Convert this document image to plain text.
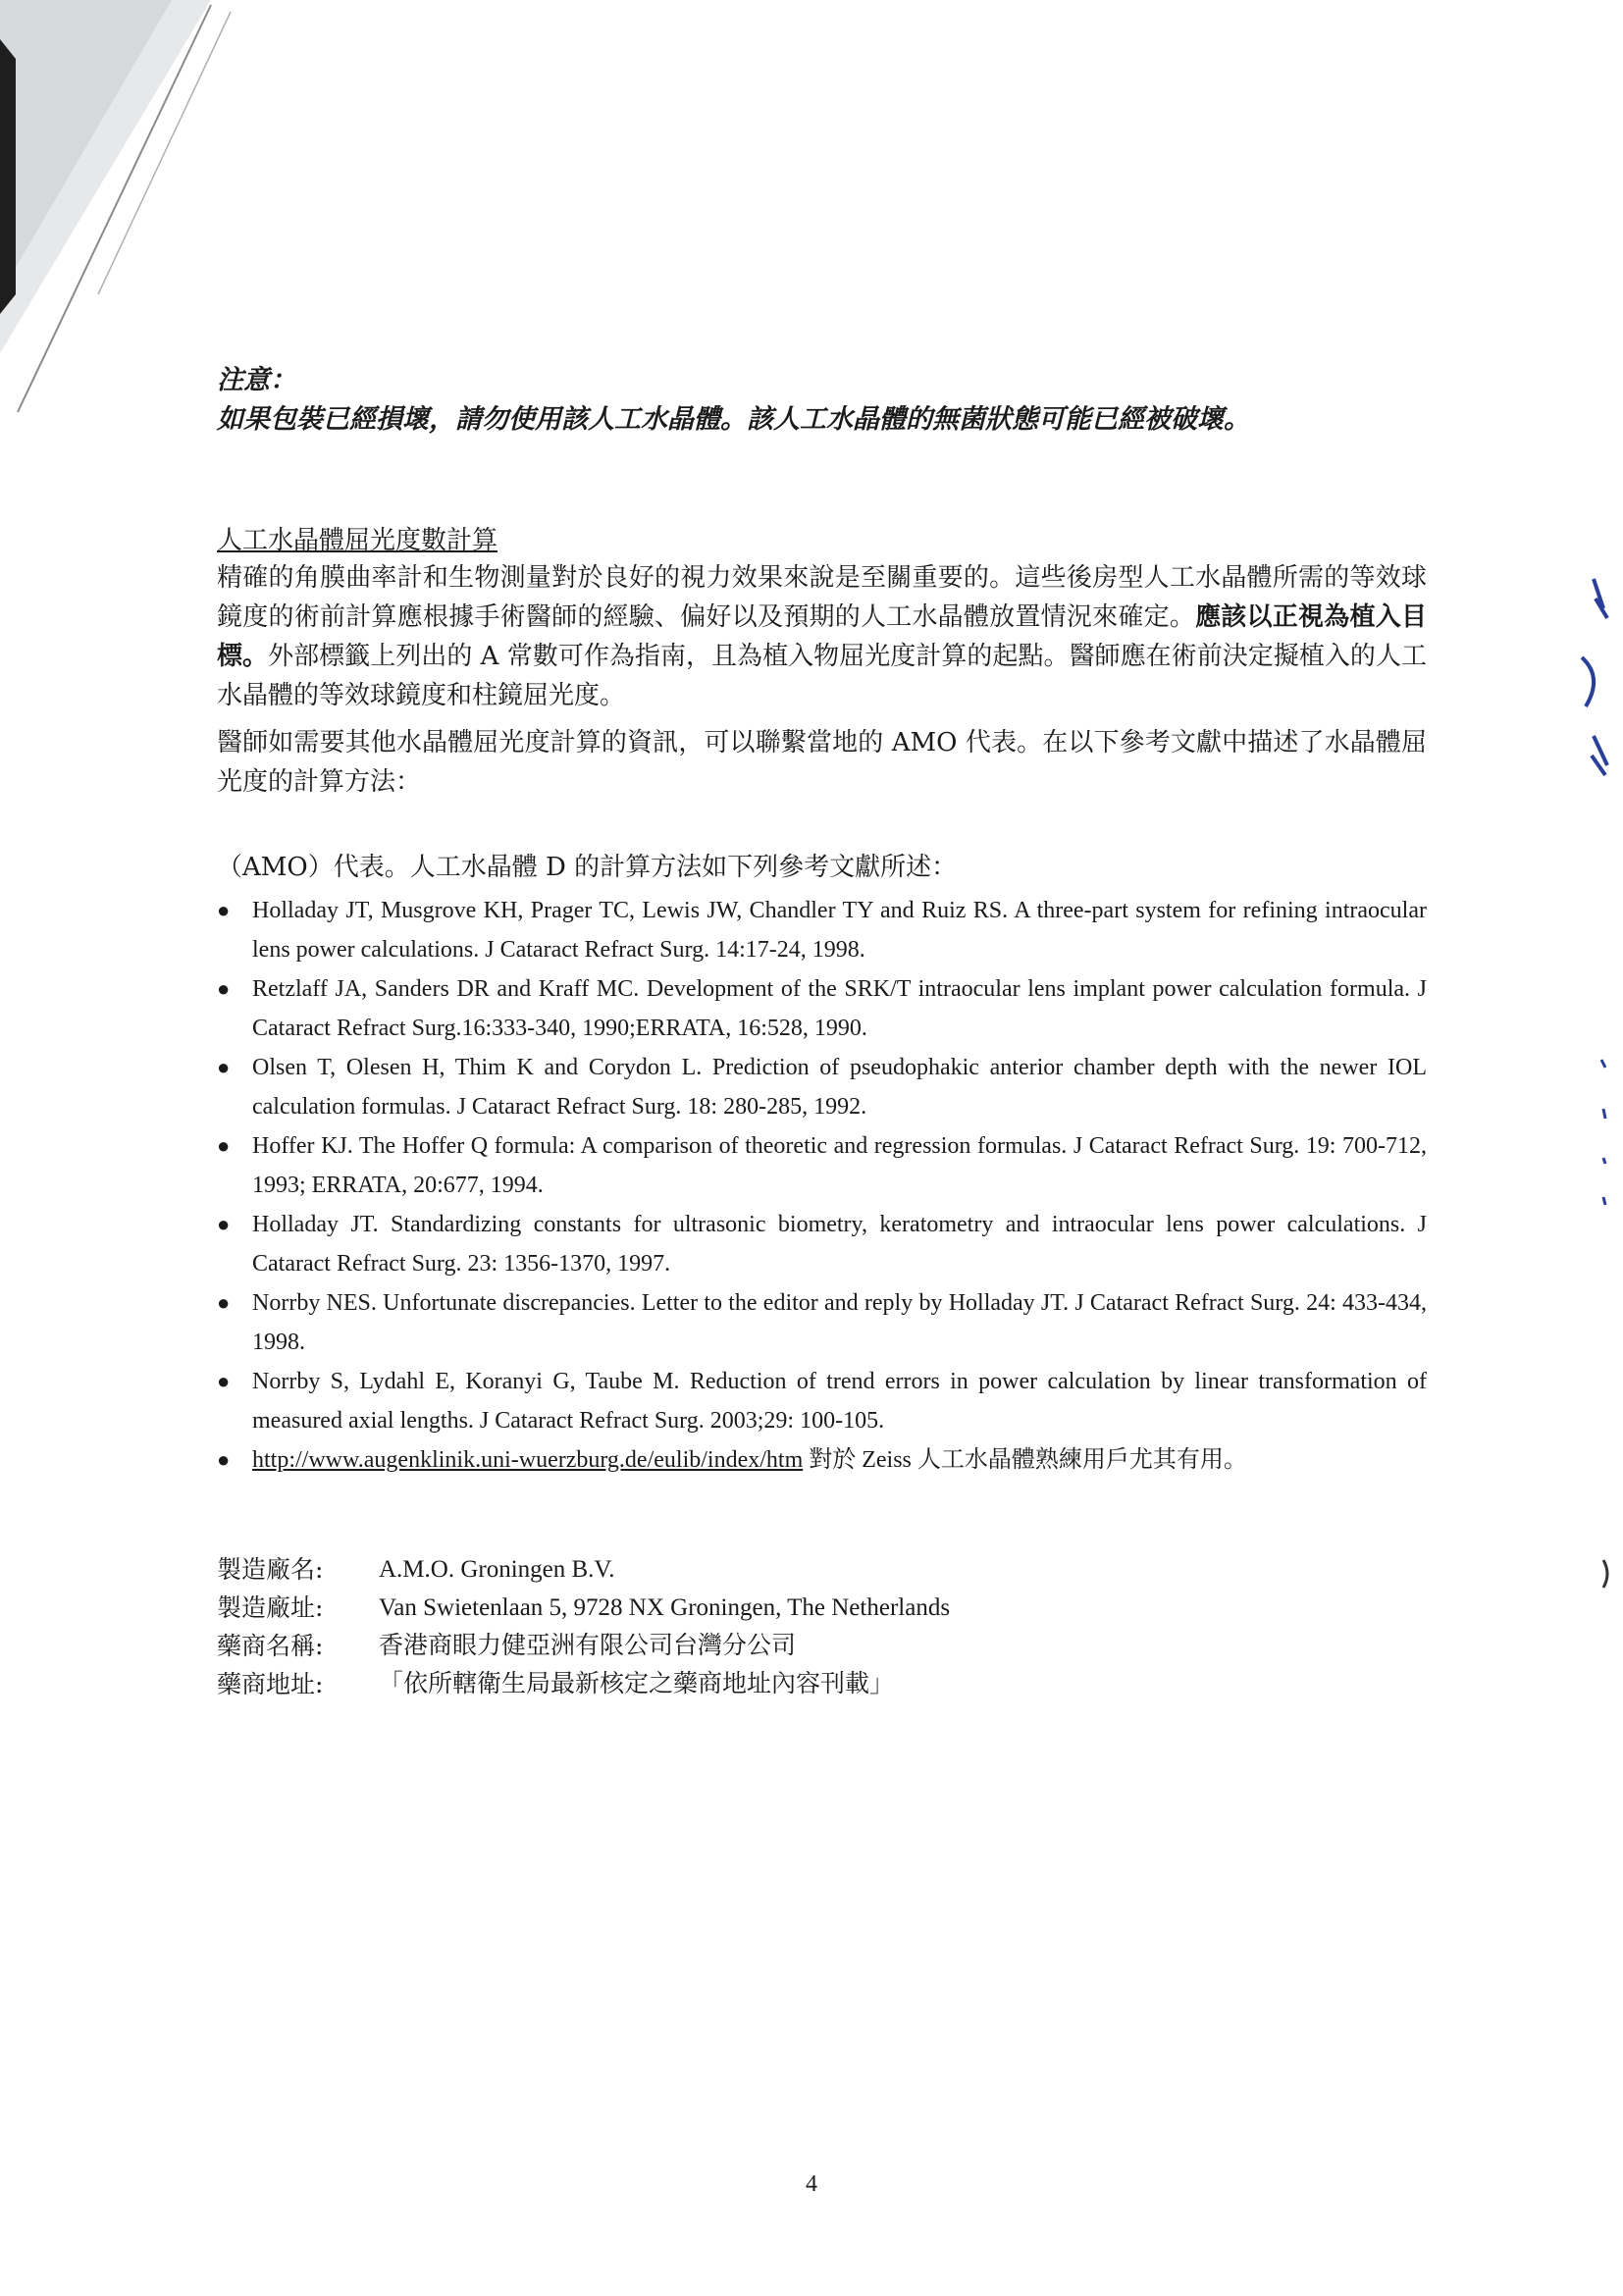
注意：
如果包裝已經損壞，請勿使用該人工水晶體。該人工水晶體的無菌狀態可能已經被破壞。
人工水晶體屈光度數計算

精確的角膜曲率計和生物測量對於良好的視力效果來說是至關重要的。這些後房型人工水晶體所需的等效球鏡度的術前計算應根據手術醫師的經驗、偏好以及預期的人工水晶體放置情況來確定。應該以正視為植入目標。外部標籤上列出的 A 常數可作為指南，且為植入物屈光度計算的起點。醫師應在術前決定擬植入的人工水晶體的等效球鏡度和柱鏡屈光度。

醫師如需要其他水晶體屈光度計算的資訊，可以聯繫當地的 AMO 代表。在以下參考文獻中描述了水晶體屈光度的計算方法：

（AMO）代表。人工水晶體 D 的計算方法如下列參考文獻所述：
● Holladay JT, Musgrove KH, Prager TC, Lewis JW, Chandler TY and Ruiz RS. A three-part system for refining intraocular lens power calculations. J Cataract Refract Surg. 14:17-24, 1998.
● Retzlaff JA, Sanders DR and Kraff MC. Development of the SRK/T intraocular lens implant power calculation formula. J Cataract Refract Surg.16:333-340, 1990;ERRATA, 16:528, 1990.
● Olsen T, Olesen H, Thim K and Corydon L. Prediction of pseudophakic anterior chamber depth with the newer IOL calculation formulas. J Cataract Refract Surg. 18: 280-285, 1992.
● Hoffer KJ. The Hoffer Q formula: A comparison of theoretic and regression formulas. J Cataract Refract Surg. 19: 700-712, 1993; ERRATA, 20:677, 1994.
● Holladay JT. Standardizing constants for ultrasonic biometry, keratometry and intraocular lens power calculations. J Cataract Refract Surg. 23: 1356-1370, 1997.
● Norrby NES. Unfortunate discrepancies. Letter to the editor and reply by Holladay JT. J Cataract Refract Surg. 24: 433-434, 1998.
● Norrby S, Lydahl E, Koranyi G, Taube M. Reduction of trend errors in power calculation by linear transformation of measured axial lengths. J Cataract Refract Surg. 2003;29: 100-105.
● http://www.augenklinik.uni-wuerzburg.de/eulib/index/htm 對於 Zeiss 人工水晶體熟練用戶尤其有用。
製造廠名:	A.M.O. Groningen B.V.
製造廠址:	Van Swietenlaan 5, 9728 NX Groningen, The Netherlands
藥商名稱:	香港商眼力健亞洲有限公司台灣分公司
藥商地址:	「依所轄衛生局最新核定之藥商地址內容刊載」
4
